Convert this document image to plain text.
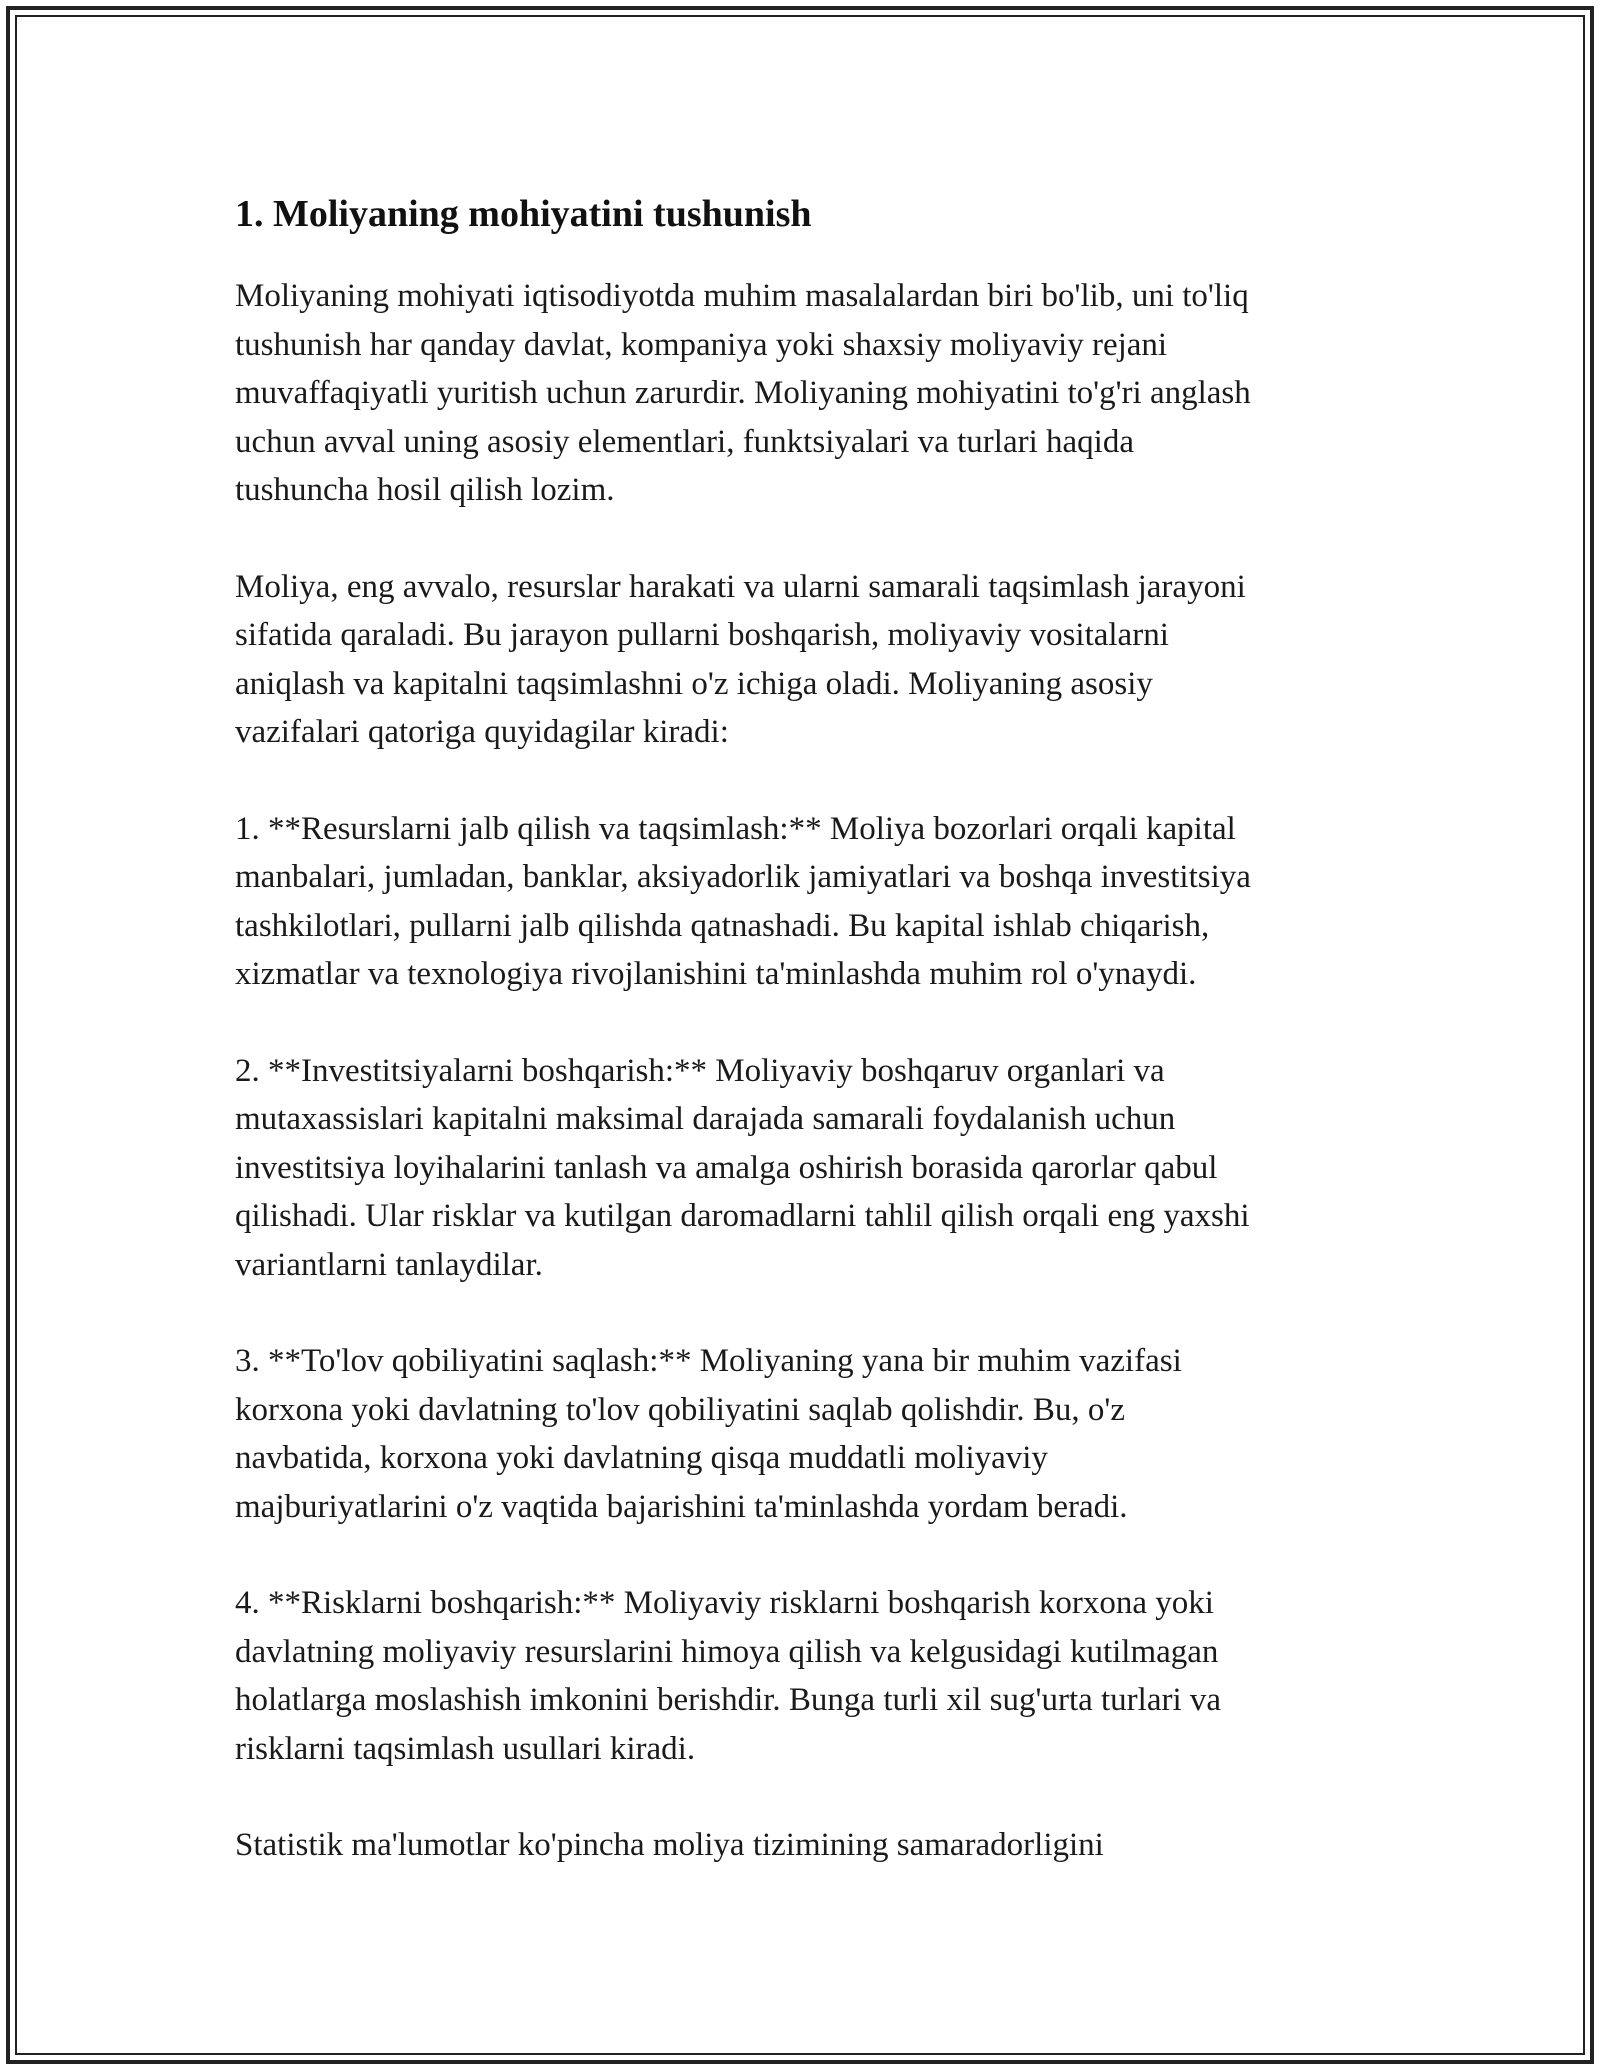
1. Moliyaning mohiyatini tushunish

Moliyaning mohiyati iqtisodiyotda muhim masalalardan biri bo'lib, uni to'liq
tushunish har qanday davlat, kompaniya yoki shaxsiy moliyaviy rejani
muvaffaqiyatli yuritish uchun zarurdir. Moliyaning mohiyatini to'g'ri anglash
uchun avval uning asosiy elementlari, funktsiyalari va turlari haqida
tushuncha hosil qilish lozim.

Moliya, eng avvalo, resurslar harakati va ularni samarali taqsimlash jarayoni
sifatida qaraladi. Bu jarayon pullarni boshqarish, moliyaviy vositalarni
aniqlash va kapitalni taqsimlashni o'z ichiga oladi. Moliyaning asosiy
vazifalari qatoriga quyidagilar kiradi:

1. **Resurslarni jalb qilish va taqsimlash:** Moliya bozorlari orqali kapital
manbalari, jumladan, banklar, aksiyadorlik jamiyatlari va boshqa investitsiya
tashkilotlari, pullarni jalb qilishda qatnashadi. Bu kapital ishlab chiqarish,
xizmatlar va texnologiya rivojlanishini ta'minlashda muhim rol o'ynaydi.

2. **Investitsiyalarni boshqarish:** Moliyaviy boshqaruv organlari va
mutaxassislari kapitalni maksimal darajada samarali foydalanish uchun
investitsiya loyihalarini tanlash va amalga oshirish borasida qarorlar qabul
qilishadi. Ular risklar va kutilgan daromadlarni tahlil qilish orqali eng yaxshi
variantlarni tanlaydilar.

3. **To'lov qobiliyatini saqlash:** Moliyaning yana bir muhim vazifasi
korxona yoki davlatning to'lov qobiliyatini saqlab qolishdir. Bu, o'z
navbatida, korxona yoki davlatning qisqa muddatli moliyaviy
majburiyatlarini o'z vaqtida bajarishini ta'minlashda yordam beradi.

4. **Risklarni boshqarish:** Moliyaviy risklarni boshqarish korxona yoki
davlatning moliyaviy resurslarini himoya qilish va kelgusidagi kutilmagan
holatlarga moslashish imkonini berishdir. Bunga turli xil sug'urta turlari va
risklarni taqsimlash usullari kiradi.

Statistik ma'lumotlar ko'pincha moliya tizimining samaradorligini
